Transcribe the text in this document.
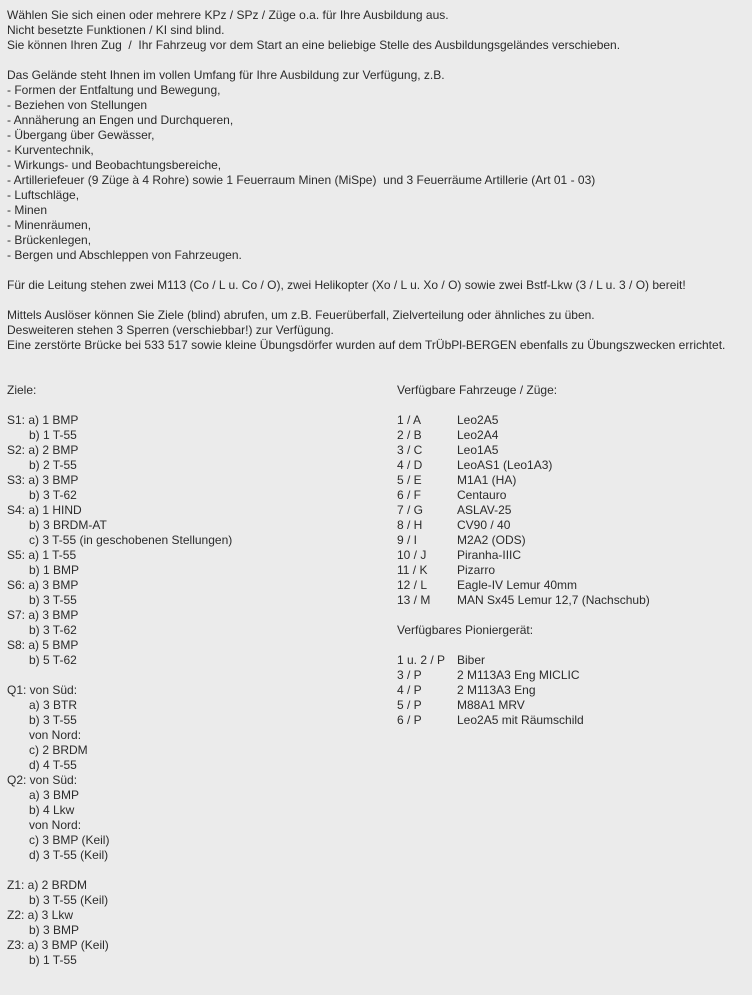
Wählen Sie sich einen oder mehrere KPz / SPz / Züge o.a. für Ihre Ausbildung aus.
Nicht besetzte Funktionen / KI sind blind.
Sie können Ihren Zug  /  Ihr Fahrzeug vor dem Start an eine beliebige Stelle des Ausbildungsgeländes verschieben.
Das Gelände steht Ihnen im vollen Umfang für Ihre Ausbildung zur Verfügung, z.B.
- Formen der Entfaltung und Bewegung,
- Beziehen von Stellungen
- Annäherung an Engen und Durchqueren,
- Übergang über Gewässer,
- Kurventechnik,
- Wirkungs- und Beobachtungsbereiche,
- Artilleriefeuer (9 Züge à 4 Rohre) sowie 1 Feuerraum Minen (MiSpe)  und 3 Feuerräume Artillerie (Art 01 - 03)
- Luftschläge,
- Minen
- Minenräumen,
- Brückenlegen,
- Bergen und Abschleppen von Fahrzeugen.
Für die Leitung stehen zwei M113 (Co / L u. Co / O), zwei Helikopter (Xo / L u. Xo / O) sowie zwei Bstf-Lkw (3 / L u. 3 / O) bereit!
Mittels Auslöser können Sie Ziele (blind) abrufen, um z.B. Feuerüberfall, Zielverteilung oder ähnliches zu üben.
Desweiteren stehen 3 Sperren (verschiebbar!) zur Verfügung.
Eine zerstörte Brücke bei 533 517 sowie kleine Übungsdörfer wurden auf dem TrÜbPl-BERGEN ebenfalls zu Übungszwecken errichtet.
Ziele:
S1: a) 1 BMP
b) 1 T-55
S2: a) 2 BMP
b) 2 T-55
S3: a) 3 BMP
b) 3 T-62
S4: a) 1 HIND
b) 3 BRDM-AT
c) 3 T-55 (in geschobenen Stellungen)
S5: a) 1 T-55
b) 1 BMP
S6: a) 3 BMP
b) 3 T-55
S7: a) 3 BMP
b) 3 T-62
S8: a) 5 BMP
b) 5 T-62
Q1: von Süd:
a) 3 BTR
b) 3 T-55
von Nord:
c) 2 BRDM
d) 4 T-55
Q2: von Süd:
a) 3 BMP
b) 4 Lkw
von Nord:
c) 3 BMP (Keil)
d) 3 T-55 (Keil)
Z1: a) 2 BRDM
b) 3 T-55 (Keil)
Z2: a) 3 Lkw
b) 3 BMP
Z3: a) 3 BMP (Keil)
b) 1 T-55
Verfügbare Fahrzeuge / Züge:
1 / A	Leo2A5
2 / B	Leo2A4
3 / C	Leo1A5
4 / D	LeoAS1 (Leo1A3)
5 / E	M1A1 (HA)
6 / F	Centauro
7 / G	ASLAV-25
8 / H	CV90 / 40
9 / I	M2A2 (ODS)
10 / J	Piranha-IIIC
11 / K	Pizarro
12 / L	Eagle-IV Lemur 40mm
13 / M	MAN Sx45 Lemur 12,7 (Nachschub)
Verfügbares Pioniergerät:
1 u. 2 / P Biber
3 / P	2 M113A3 Eng MICLIC
4 / P	2 M113A3 Eng
5 / P	M88A1 MRV
6 / P	Leo2A5 mit Räumschild
